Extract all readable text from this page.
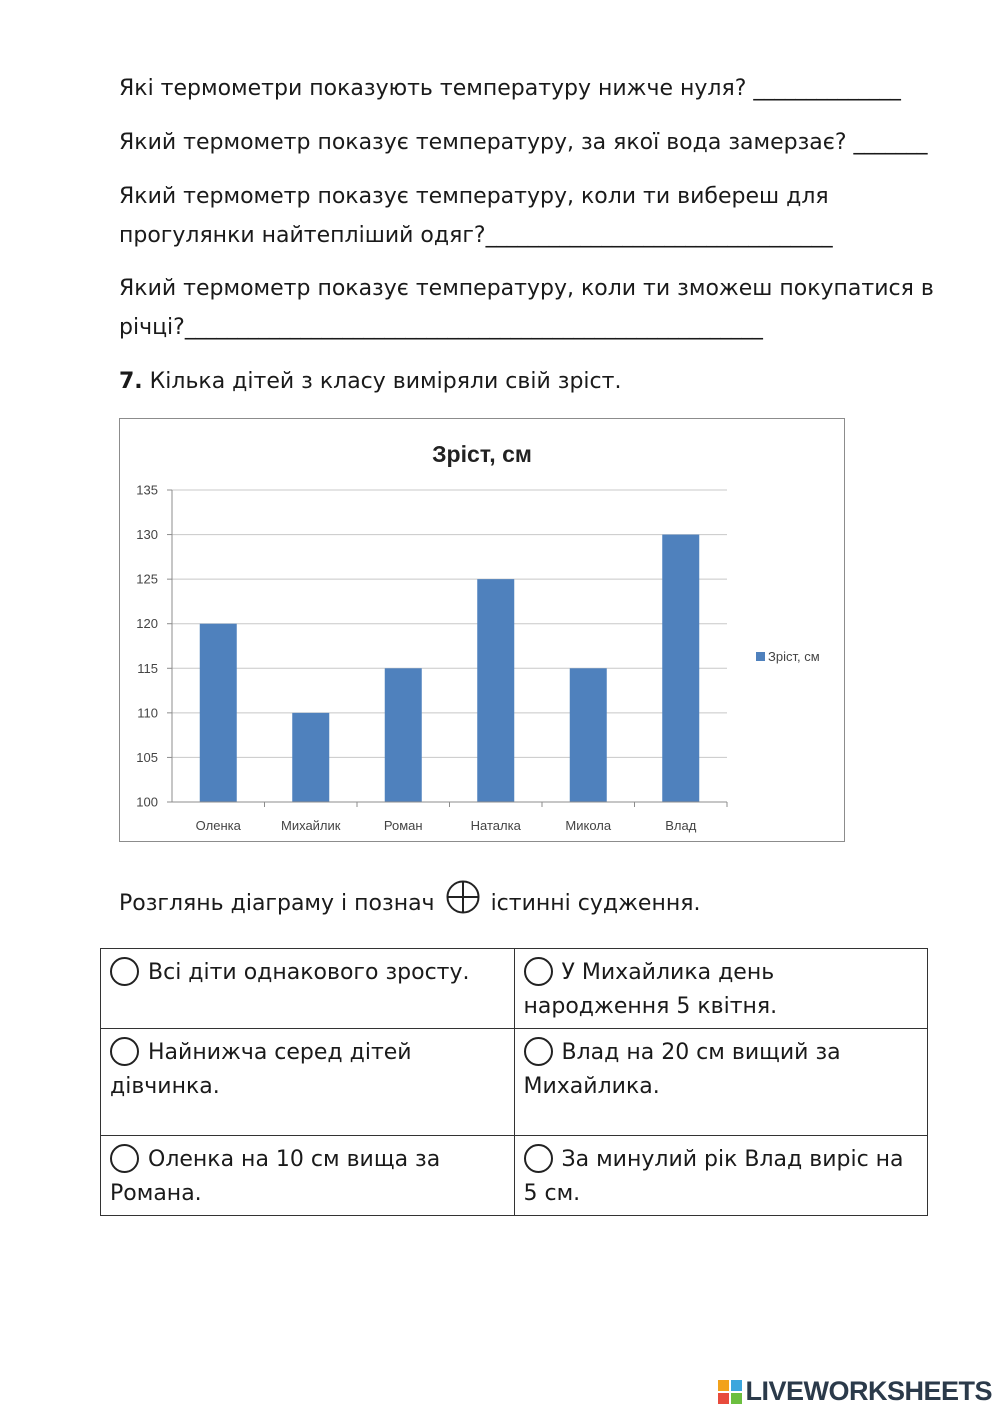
Які термометри показують температуру нижче нуля? ______________

Який термометр показує температуру, за якої вода замерзає? _______

Який термометр показує температуру, коли ти вибереш для

прогулянки найтепліший одяг?_________________________________

Який термометр показує температуру, коли ти зможеш покупатися в

річці?_______________________________________________________

7. Кілька дітей з класу виміряли свій зріст.

Зріст, см
100
105
110
115
120
125
130
135
Оленка	Михайлик	Роман	Наталка	Микола	Влад
Зріст, см
Розглянь діаграму і познач	істинні судження.
Всі діти однакового зросту.	У Михайлика день народження 5 квітня.
Найнижча серед дітей дівчинка.	Влад на 20 см вищий за Михайлика.
Оленка на 10 см вища за Романа.	За минулий рік Влад виріс на 5 см.
LIVEWORKSHEETS
